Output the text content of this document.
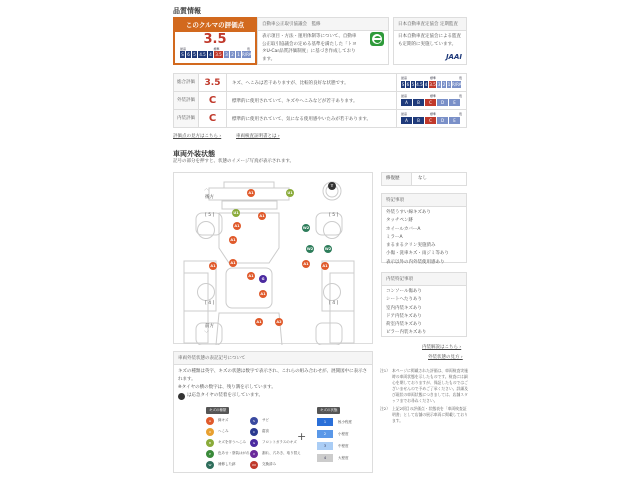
品質情報
このクルマの評価点
3.5
最高	標準	低
S 6 5 4.5 4 3.5 3 2 1 R/RA
自動車公正取引協議会　監修
表示項目・方法・運用体制等について、自動車公正取引協議会の定める基準を満たした「トヨタU-Car品質評価制度」に基づき作成しております。
日本自動車査定協会 定期監査
日本自動車査定協会による監査も定期的に実施しています。
JAAI
総合評価	3.5	キズ、へこみは若干ありますが、比較的良好な状態です。
最高	標準	低
S 6 5 4.5 4 3.5 3 2 1 R/RA
外装評価	C	標準的に使用されていて、キズやへこみなどが若干あります。
最高	標準	低
A	B	C	D	E
内装評価	C	標準的に使用されていて、気になる使用感やいたみが若干あります。
最高	標準	低
A	B	C	D	E
評価点の見方はこちら ›	車両検査証明書とは ›
車両外装状態
記号の部分を押すと、状態のイメージ写真が表示されます。
︿
後方
前方
﹀
[ 5 ]	[ 5 ]
[ 4 ]	[ 4 ]
T
A1	U1
U1
A1
A1	W2
A1
W2	W2
A1
A1	A1	A1
A1
G
A1
A1	A2
修復歴	なし
特記事項
外装うすい線キズあり
タッチペン跡
ホイールカバーA
ミラーA
まるまるクリン実施済み
小傷・洗車キズ・雨ジミ等あり
表示以外の内外装使用感あり
内装特記事項
コンソール傷あり
シートへたりあり
室内内装キズあり
ドア内装キズあり
荷室内装キズあり
ピラー内装キズあり
内装解説はこちら ›
外装状態の見方 ›
注1） 本ページに掲載された評価は、車両検査実施時の車両状態を示したものです。検査には細心を期しておりますが、保証したものではございませんので予めご了承ください。詳細及び現状の車両状態につきましては、店舗スタッフまでお尋ねください。
注2） 上記2項目の評価点・状態表を「車両検査証明書」として店舗の展示車両に掲載しております。
車両外装状態の表記記号について
キズの種類は英字、キズの状態は数字で表示され、これらの組み合わせが、展開図中に表示されます。
※タイヤの横の数字は、残り溝を示しています。
は応急タイヤの装着を示しています。
キズの種類
A	線キズ
U	へこみ
B	キズを伴うへこみ
P	色あせ・塗装はがれ
W	補修した跡
S	サビ
C	腐食
G	フロントガラスのキズ
X	割れ、穴あき、取り替え
XX	交換済み
+
キズの状態
1	極小程度
2	小程度
3	中程度
4	大程度
